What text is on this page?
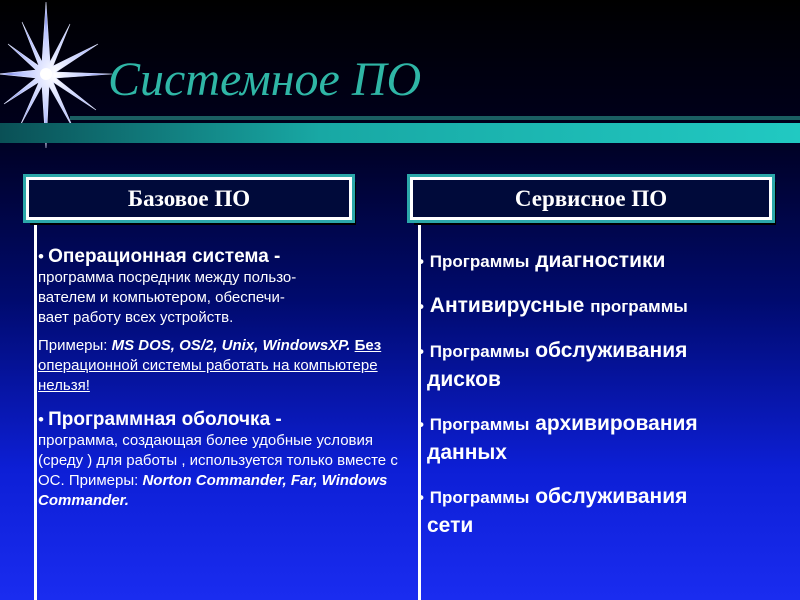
Системное ПО
Базовое ПО	Сервисное ПО

• Операционная система -
программа посредник между пользо-
вателем и компьютером, обеспечи-
вает работу всех устройств.

Примеры: MS DOS, OS/2, Unix, WindowsXP. Без операционной системы работать на компьютере нельзя!

• Программная оболочка -
программа, создающая более удобные условия (среду ) для работы , используется только вместе с ОС. Примеры: Norton Commander, Far, Windows Commander.

• Программы диагностики

• Антивирусные программы

• Программы обслуживания
дисков

• Программы архивирования
данных

• Программы обслуживания
сети
